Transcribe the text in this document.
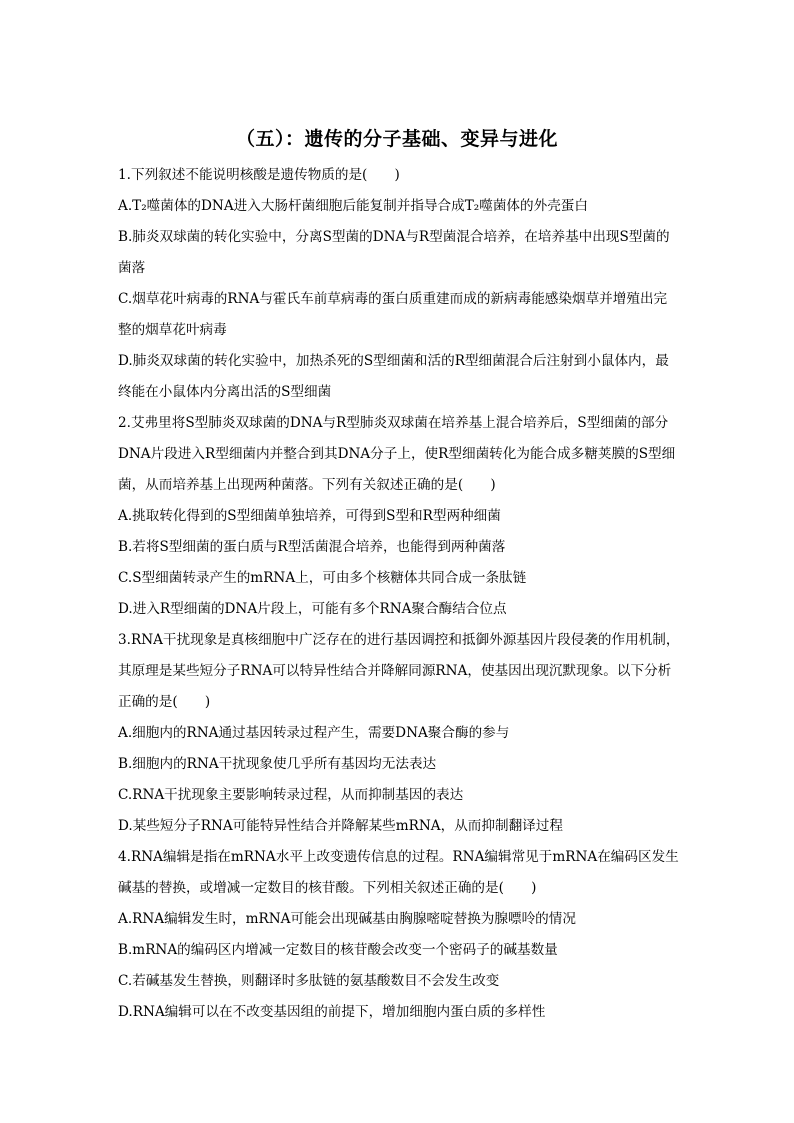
（五）：遗传的分子基础、变异与进化
1.下列叙述不能说明核酸是遗传物质的是(　　)
A.T₂噬菌体的DNA进入大肠杆菌细胞后能复制并指导合成T₂噬菌体的外壳蛋白
B.肺炎双球菌的转化实验中，分离S型菌的DNA与R型菌混合培养，在培养基中出现S型菌的菌落
C.烟草花叶病毒的RNA与霍氏车前草病毒的蛋白质重建而成的新病毒能感染烟草并增殖出完整的烟草花叶病毒
D.肺炎双球菌的转化实验中，加热杀死的S型细菌和活的R型细菌混合后注射到小鼠体内，最终能在小鼠体内分离出活的S型细菌
2.艾弗里将S型肺炎双球菌的DNA与R型肺炎双球菌在培养基上混合培养后，S型细菌的部分DNA片段进入R型细菌内并整合到其DNA分子上，使R型细菌转化为能合成多糖荚膜的S型细菌，从而培养基上出现两种菌落。下列有关叙述正确的是(　　)
A.挑取转化得到的S型细菌单独培养，可得到S型和R型两种细菌
B.若将S型细菌的蛋白质与R型活菌混合培养，也能得到两种菌落
C.S型细菌转录产生的mRNA上，可由多个核糖体共同合成一条肽链
D.进入R型细菌的DNA片段上，可能有多个RNA聚合酶结合位点
3.RNA干扰现象是真核细胞中广泛存在的进行基因调控和抵御外源基因片段侵袭的作用机制，其原理是某些短分子RNA可以特异性结合并降解同源RNA，使基因出现沉默现象。以下分析正确的是(　　)
A.细胞内的RNA通过基因转录过程产生，需要DNA聚合酶的参与
B.细胞内的RNA干扰现象使几乎所有基因均无法表达
C.RNA干扰现象主要影响转录过程，从而抑制基因的表达
D.某些短分子RNA可能特异性结合并降解某些mRNA，从而抑制翻译过程
4.RNA编辑是指在mRNA水平上改变遗传信息的过程。RNA编辑常见于mRNA在编码区发生碱基的替换，或增减一定数目的核苷酸。下列相关叙述正确的是(　　)
A.RNA编辑发生时，mRNA可能会出现碱基由胸腺嘧啶替换为腺嘌呤的情况
B.mRNA的编码区内增减一定数目的核苷酸会改变一个密码子的碱基数量
C.若碱基发生替换，则翻译时多肽链的氨基酸数目不会发生改变
D.RNA编辑可以在不改变基因组的前提下，增加细胞内蛋白质的多样性
